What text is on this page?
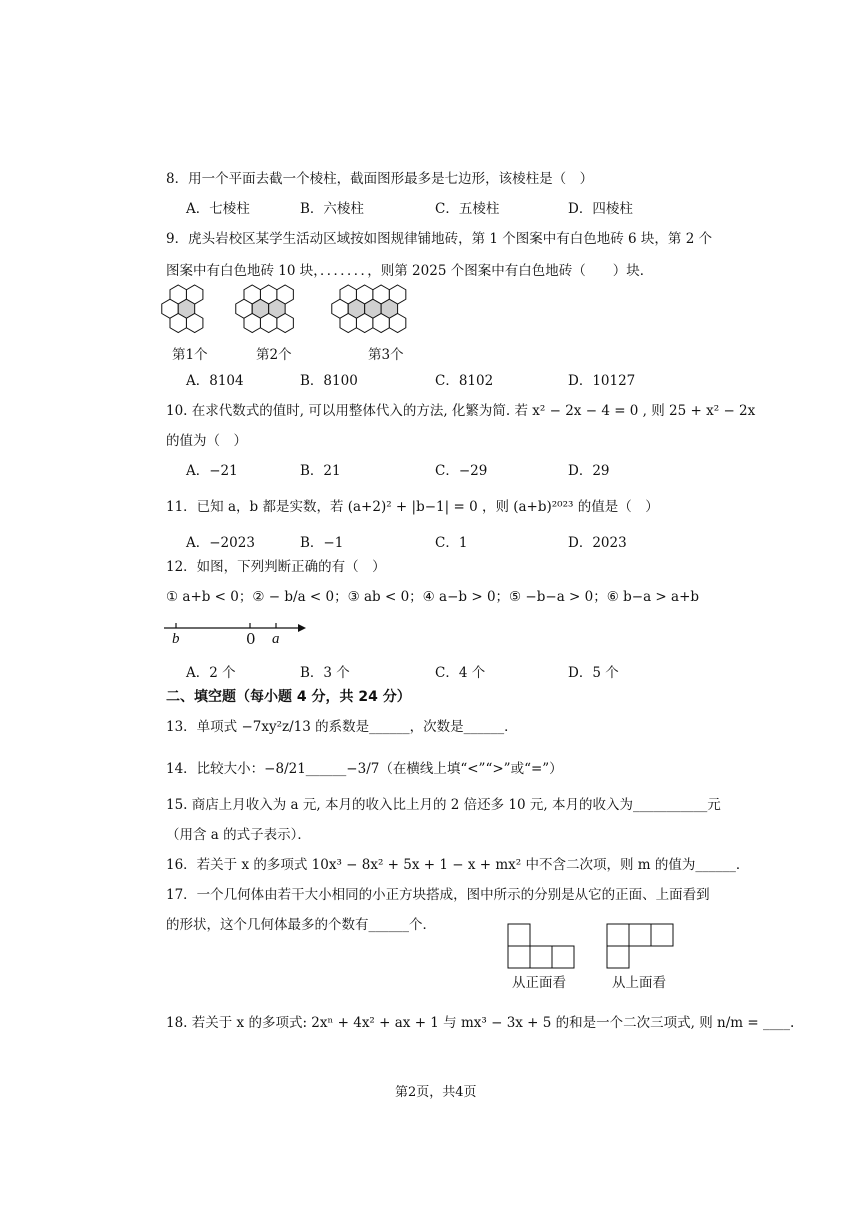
8．用一个平面去截一个棱柱，截面图形最多是七边形，该棱柱是（　）
A．七棱柱	B．六棱柱	C．五棱柱	D．四棱柱
9．虎头岩校区某学生活动区域按如图规律铺地砖，第 1 个图案中有白色地砖 6 块，第 2 个
图案中有白色地砖 10 块，．．．．．．．，则第 2025 个图案中有白色地砖（　　）块．
第1个	第2个	第3个
A．8104	B．8100	C．8102	D．10127
10. 在求代数式的值时, 可以用整体代入的方法, 化繁为简. 若 x² − 2x − 4 = 0 , 则 25 + x² − 2x
的值为（　）
A．−21	B．21	C．−29	D．29
11．已知 a，b 都是实数，若 (a+2)² + |b−1| = 0 ，则 (a+b)²⁰²³ 的值是（　）
A．−2023	B．−1	C．1	D．2023
12．如图，下列判断正确的有（　）
① a+b < 0；② − b/a < 0；③ ab < 0；④ a−b > 0；⑤ −b−a > 0；⑥ b−a > a+b
b	0 a
A．2 个	B．3 个	C．4 个	D．5 个
二、填空题（每小题 4 分，共 24 分）
13．单项式 −7xy²z/13 的系数是______，次数是______．
14．比较大小：−8/21______−3/7（在横线上填“<”“>”或“=”）
15. 商店上月收入为 a 元, 本月的收入比上月的 2 倍还多 10 元, 本月的收入为___________元
（用含 a 的式子表示）．
16．若关于 x 的多项式 10x³ − 8x² + 5x + 1 − x + mx² 中不含二次项，则 m 的值为______．
17．一个几何体由若干大小相同的小正方块搭成，图中所示的分别是从它的正面、上面看到
的形状，这个几何体最多的个数有______个．
从正面看	从上面看
18. 若关于 x 的多项式: 2xⁿ + 4x² + ax + 1 与 mx³ − 3x + 5 的和是一个二次三项式, 则 n/m = ____.
第2页，共4页
